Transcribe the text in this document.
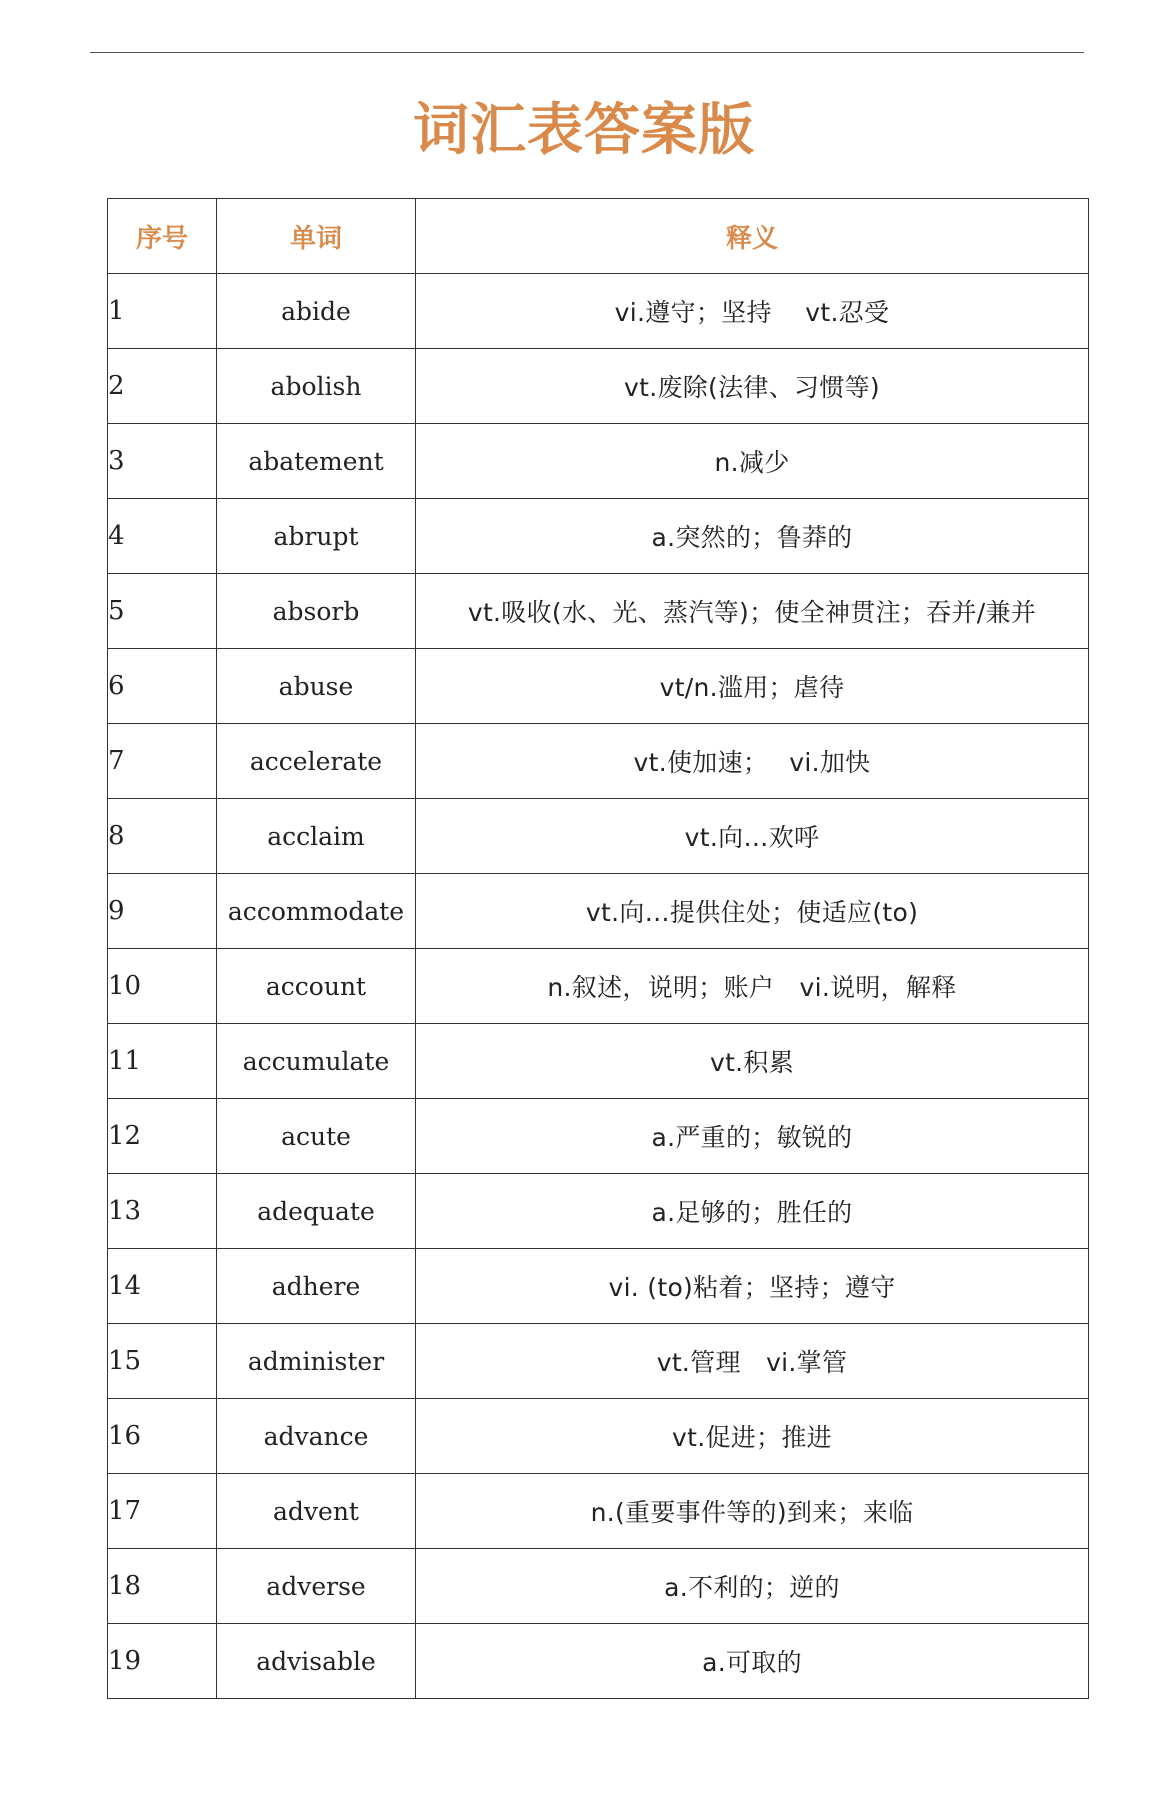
词汇表答案版
序号	单词	释义
1	abide	vi.遵守；坚持　 vt.忍受
2	abolish	vt.废除(法律、习惯等)
3	abatement	n.减少
4	abrupt	a.突然的；鲁莽的
5	absorb	vt.吸收(水、光、蒸汽等)；使全神贯注；吞并/兼并
6	abuse	vt/n.滥用；虐待
7	accelerate	vt.使加速；　 vi.加快
8	acclaim	vt.向…欢呼
9	accommodate	vt.向…提供住处；使适应(to)
10	account	n.叙述，说明；账户　vi.说明，解释
11	accumulate	vt.积累
12	acute	a.严重的；敏锐的
13	adequate	a.足够的；胜任的
14	adhere	vi. (to)粘着；坚持；遵守
15	administer	vt.管理　vi.掌管
16	advance	vt.促进；推进
17	advent	n.(重要事件等的)到来；来临
18	adverse	a.不利的；逆的
19	advisable	a.可取的
